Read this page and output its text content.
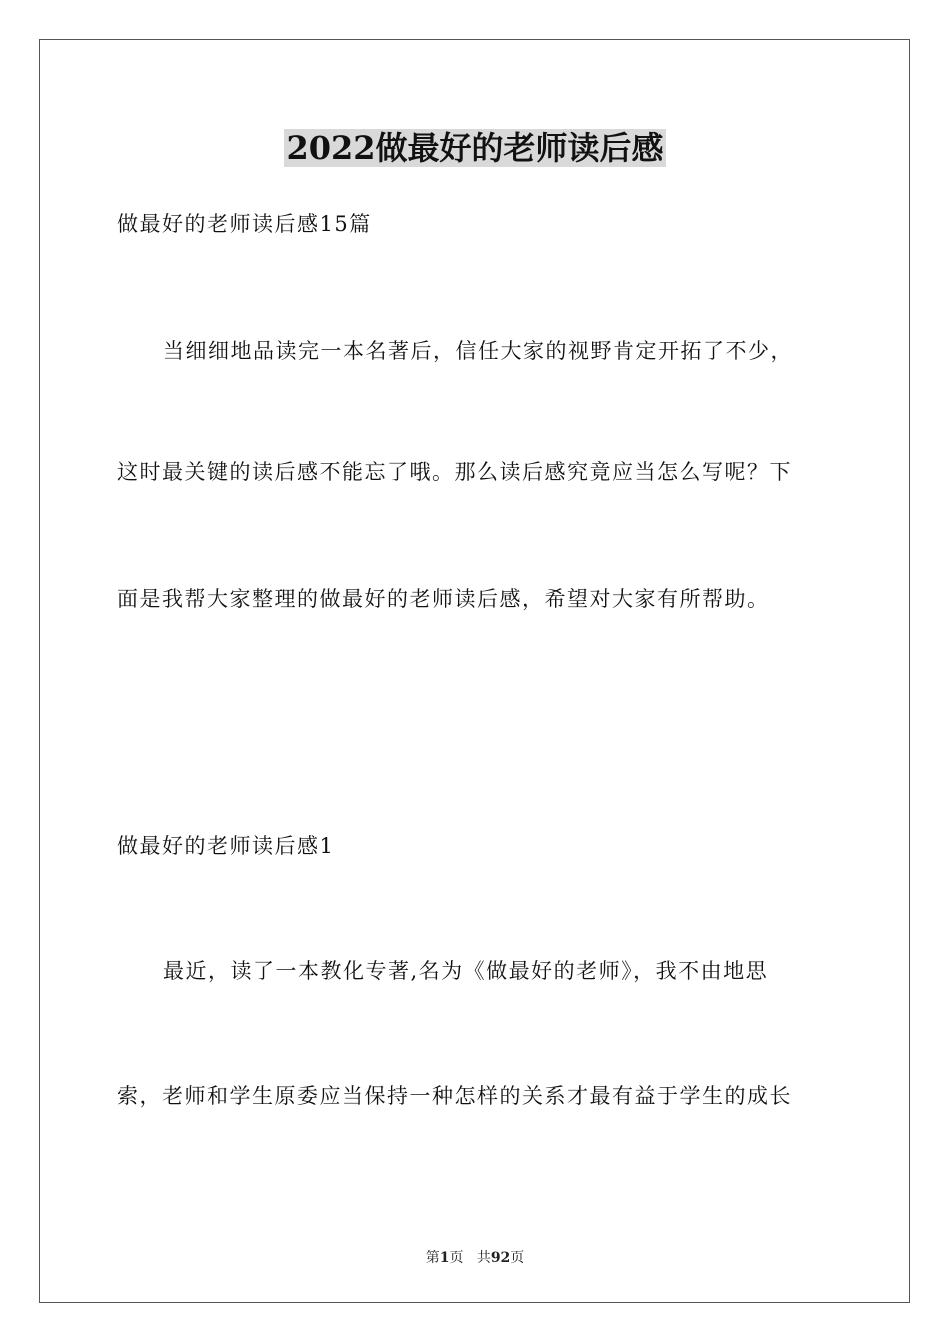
2022做最好的老师读后感
做最好的老师读后感15篇
当细细地品读完一本名著后，信任大家的视野肯定开拓了不少，
这时最关键的读后感不能忘了哦。那么读后感究竟应当怎么写呢？下
面是我帮大家整理的做最好的老师读后感，希望对大家有所帮助。
做最好的老师读后感1
最近，读了一本教化专著,名为《做最好的老师》，我不由地思
索，老师和学生原委应当保持一种怎样的关系才最有益于学生的成长
第1页 共92页
